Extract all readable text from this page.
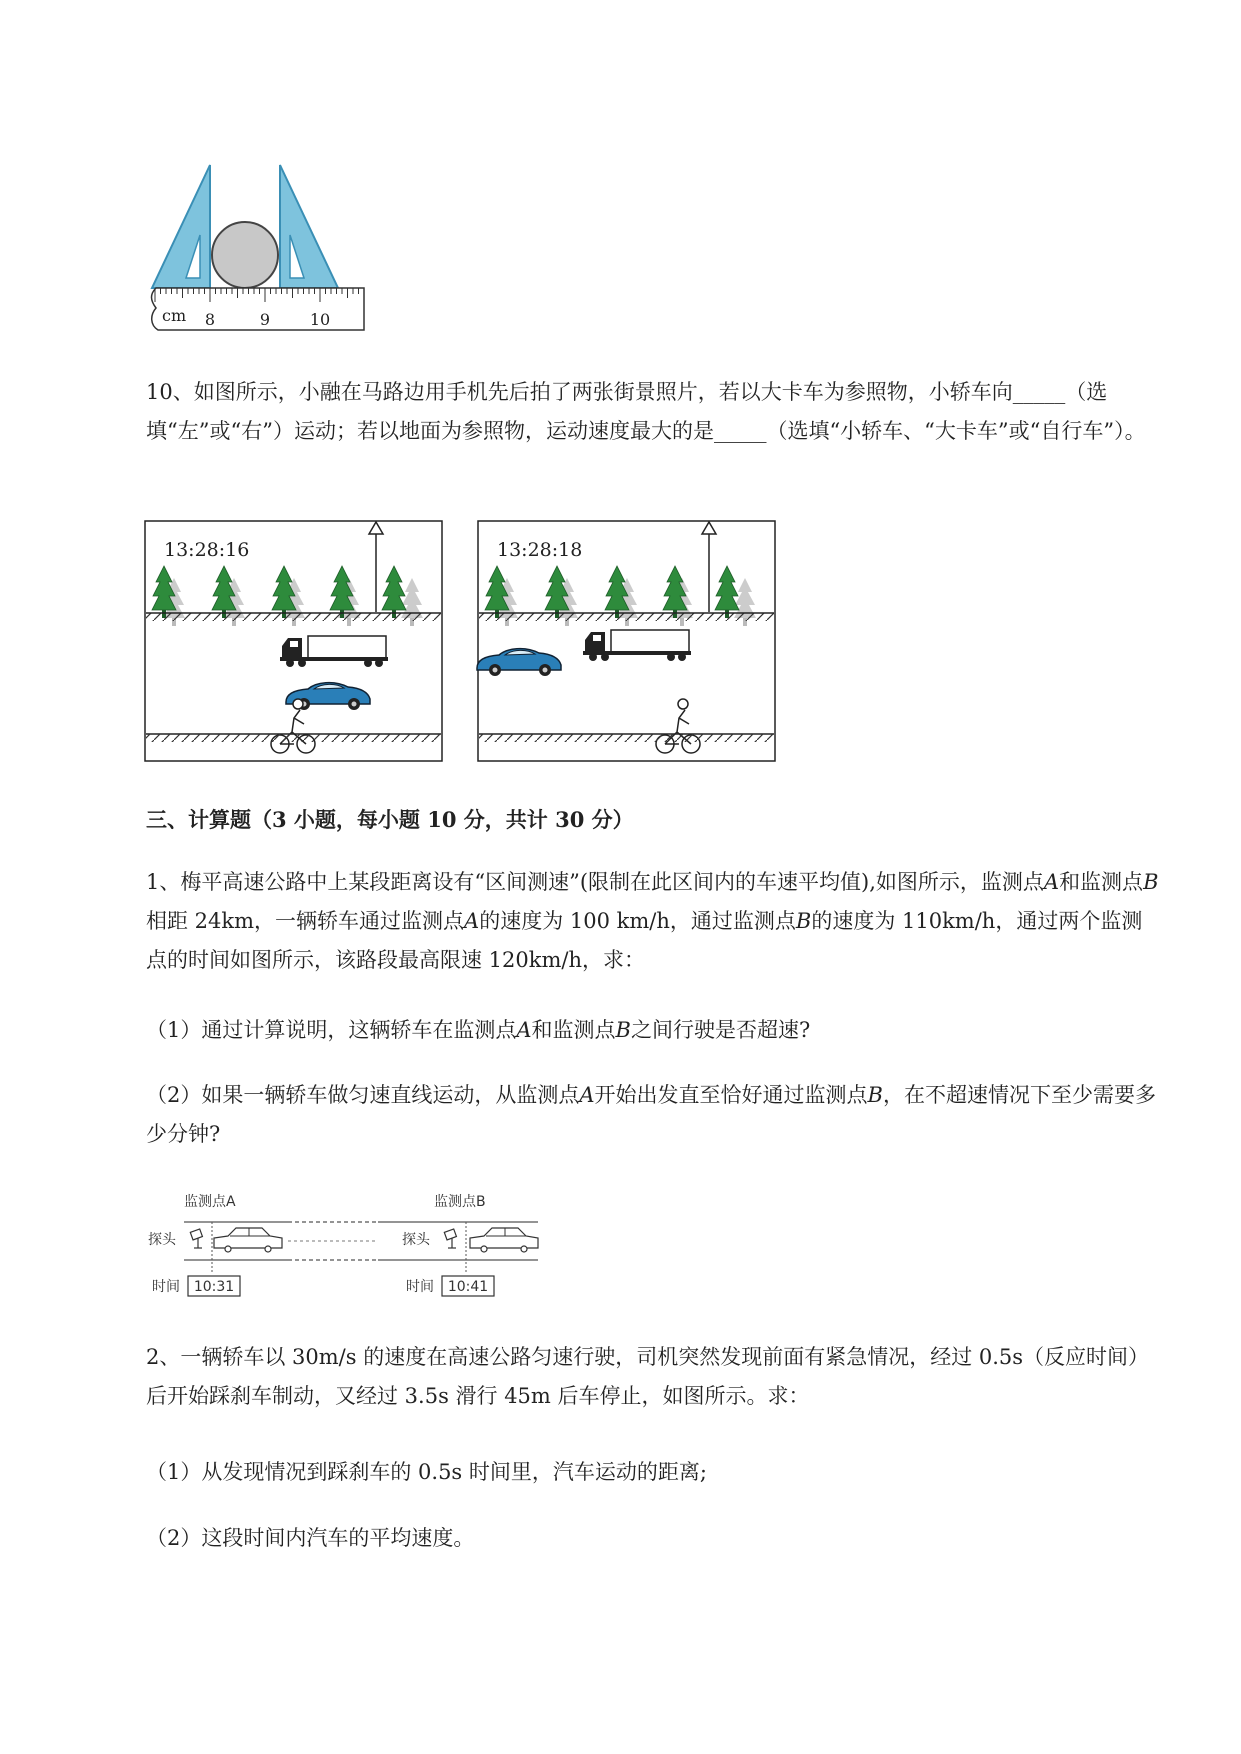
cm 8	9 10

10、如图所示，小融在马路边用手机先后拍了两张街景照片，若以大卡车为参照物，小轿车向_____（选填“左”或“右”）运动；若以地面为参照物，运动速度最大的是_____（选填“小轿车、“大卡车”或“自行车”）。

13:28:16	13:28:18

三、计算题（3 小题，每小题 10 分，共计 30 分）

1、梅平高速公路中上某段距离设有“区间测速”(限制在此区间内的车速平均值),如图所示，监测点A和监测点B相距 24km，一辆轿车通过监测点A的速度为 100 km/h，通过监测点B的速度为 110km/h，通过两个监测点的时间如图所示，该路段最高限速 120km/h，求：

（1）通过计算说明，这辆轿车在监测点A和监测点B之间行驶是否超速?

（2）如果一辆轿车做匀速直线运动，从监测点A开始出发直至恰好通过监测点B，在不超速情况下至少需要多少分钟?

监测点A	监测点B
探头	探头
时间 10:31	时间 10:41

2、一辆轿车以 30m/s 的速度在高速公路匀速行驶，司机突然发现前面有紧急情况，经过 0.5s（反应时间）后开始踩刹车制动，又经过 3.5s 滑行 45m 后车停止，如图所示。求：

（1）从发现情况到踩刹车的 0.5s 时间里，汽车运动的距离;

（2）这段时间内汽车的平均速度。
